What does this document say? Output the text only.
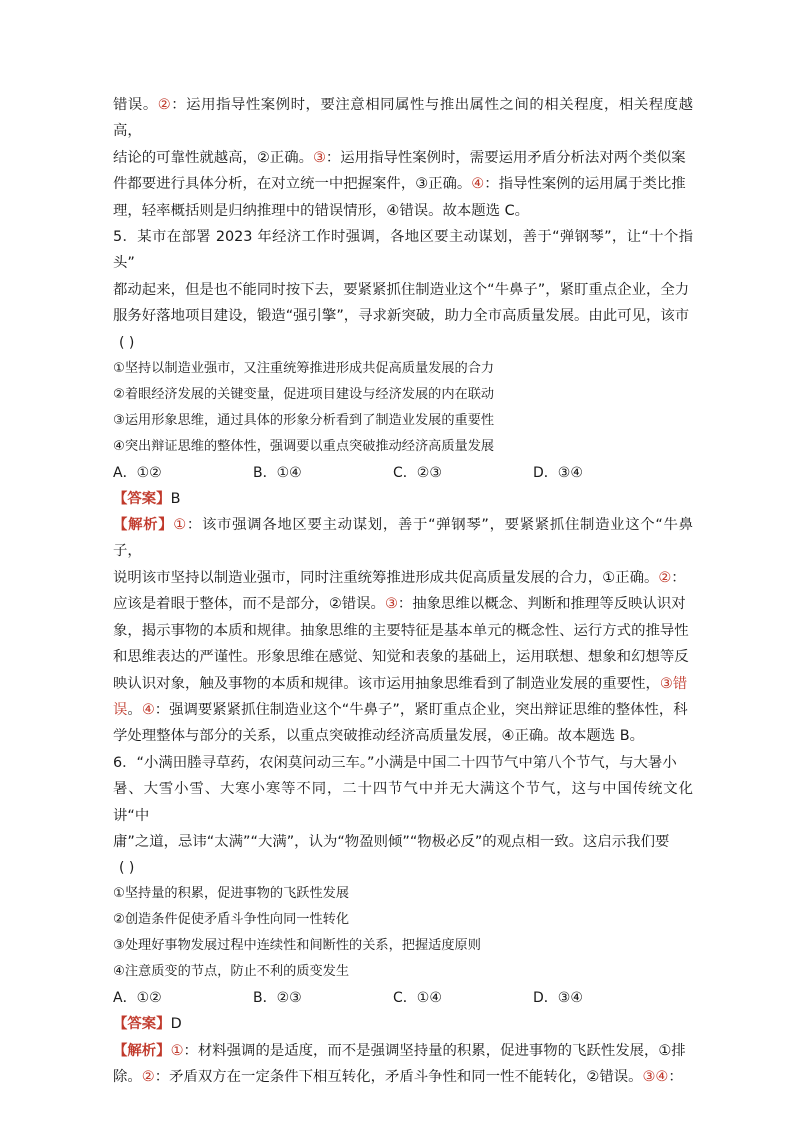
错误。②：运用指导性案例时，要注意相同属性与推出属性之间的相关程度，相关程度越高，

结论的可靠性就越高，②正确。③：运用指导性案例时，需要运用矛盾分析法对两个类似案

件都要进行具体分析，在对立统一中把握案件，③正确。④：指导性案例的运用属于类比推

理，轻率概括则是归纳推理中的错误情形，④错误。故本题选 C。

5．某市在部署 2023 年经济工作时强调，各地区要主动谋划，善于“弹钢琴”，让“十个指头”

都动起来，但是也不能同时按下去，要紧紧抓住制造业这个“牛鼻子”，紧盯重点企业，全力

服务好落地项目建设，锻造“强引擎”，寻求新突破，助力全市高质量发展。由此可见，该市

( )

①坚持以制造业强市，又注重统筹推进形成共促高质量发展的合力

②着眼经济发展的关键变量，促进项目建设与经济发展的内在联动

③运用形象思维，通过具体的形象分析看到了制造业发展的重要性

④突出辩证思维的整体性，强调要以重点突破推动经济高质量发展

A．①②	B．①④	C．②③	D．③④

【答案】B

【解析】①：该市强调各地区要主动谋划，善于“弹钢琴”，要紧紧抓住制造业这个“牛鼻子，

说明该市坚持以制造业强市，同时注重统筹推进形成共促高质量发展的合力，①正确。②：

应该是着眼于整体，而不是部分，②错误。③：抽象思维以概念、判断和推理等反映认识对

象，揭示事物的本质和规律。抽象思维的主要特征是基本单元的概念性、运行方式的推导性

和思维表达的严谨性。形象思维在感觉、知觉和表象的基础上，运用联想、想象和幻想等反

映认识对象，触及事物的本质和规律。该市运用抽象思维看到了制造业发展的重要性，③错

误。④：强调要紧紧抓住制造业这个“牛鼻子”，紧盯重点企业，突出辩证思维的整体性，科

学处理整体与部分的关系，以重点突破推动经济高质量发展，④正确。故本题选 B。

6．“小满田塍寻草药，农闲莫问动三车。”小满是中国二十四节气中第八个节气，与大暑小

暑、大雪小雪、大寒小寒等不同，二十四节气中并无大满这个节气，这与中国传统文化讲“中

庸”之道，忌讳“太满”“大满”，认为“物盈则倾”“物极必反”的观点相一致。这启示我们要

( )

①坚持量的积累，促进事物的飞跃性发展

②创造条件促使矛盾斗争性向同一性转化

③处理好事物发展过程中连续性和间断性的关系，把握适度原则

④注意质变的节点，防止不利的质变发生

A．①②	B．②③	C．①④	D．③④

【答案】D

【解析】①：材料强调的是适度，而不是强调坚持量的积累，促进事物的飞跃性发展，①排

除。②：矛盾双方在一定条件下相互转化，矛盾斗争性和同一性不能转化，②错误。③④：
